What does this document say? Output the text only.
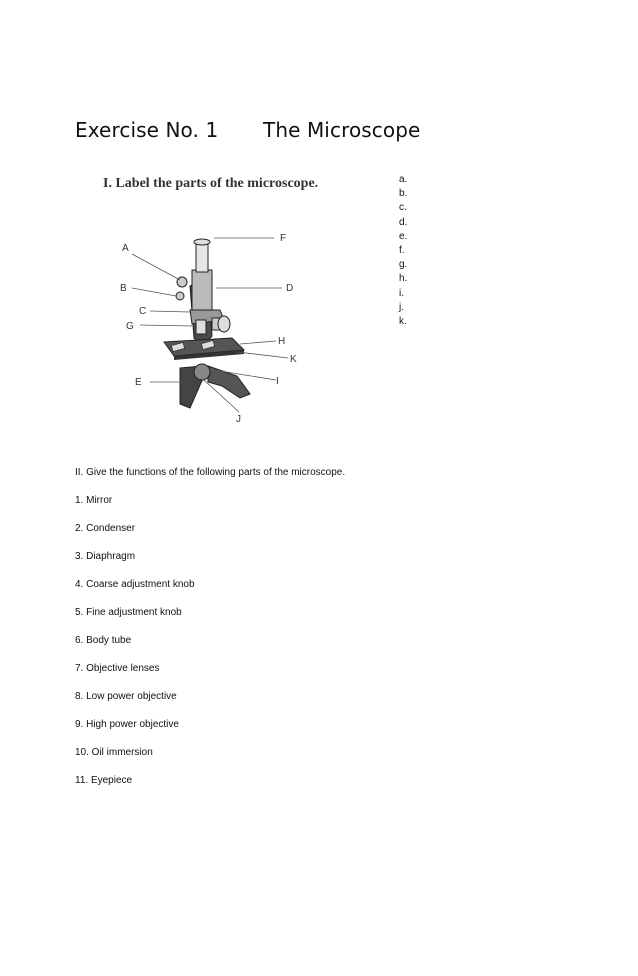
Exercise No. 1 The Microscope
I. Label the parts of the microscope.	a.
b.
c.
d.
e.
f.
g.
h.
i.
j.
k.
A
B
C
D
E
F
G
H
I
J
K
II. Give the functions of the following parts of the microscope.
1. Mirror
2. Condenser
3. Diaphragm
4. Coarse adjustment knob
5. Fine adjustment knob
6. Body tube
7. Objective lenses
8. Low power objective
9. High power objective
10. Oil immersion
11. Eyepiece
